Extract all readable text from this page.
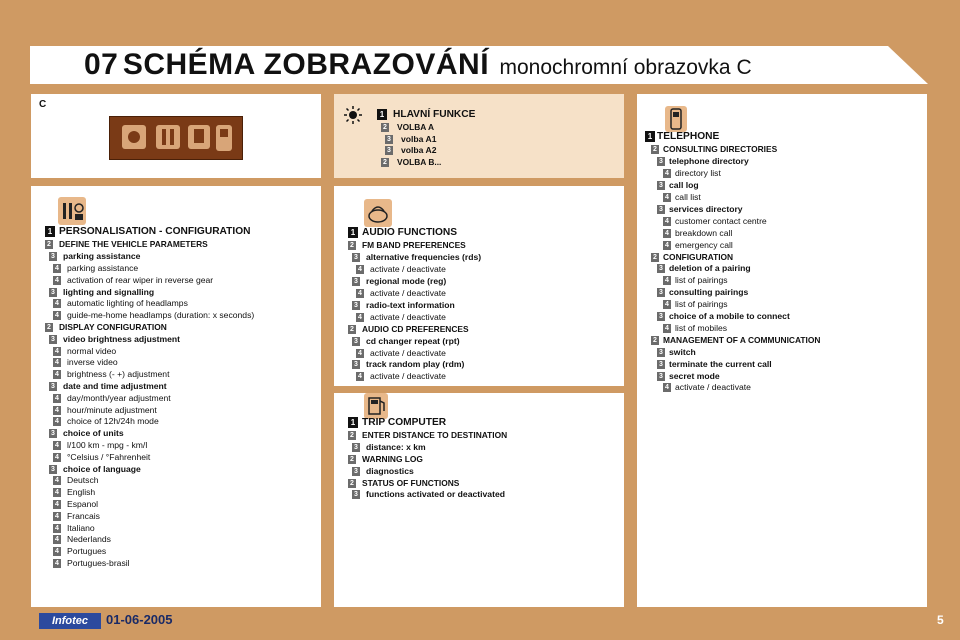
07 SCHÉMA ZOBRAZOVÁNÍ monochromní obrazovka C
C
1 HLAVNÍ FUNKCE
2 VOLBA A
3 volba A1
3 volba A2
2 VOLBA B...
1 PERSONALISATION - CONFIGURATION
2 DEFINE THE VEHICLE PARAMETERS
3 parking assistance
4 parking assistance
4 activation of rear wiper in reverse gear
3 lighting and signalling
4 automatic lighting of headlamps
4 guide-me-home headlamps (duration: x seconds)
2 DISPLAY CONFIGURATION
3 video brightness adjustment
4 normal video
4 inverse video
4 brightness (- +) adjustment
3 date and time adjustment
4 day/month/year adjustment
4 hour/minute adjustment
4 choice of 12h/24h mode
3 choice of units
4 l/100 km - mpg - km/l
4 °Celsius / °Fahrenheit
3 choice of language
4 Deutsch
4 English
4 Espanol
4 Francais
4 Italiano
4 Nederlands
4 Portugues
4 Portugues-brasil
1 AUDIO FUNCTIONS
2 FM BAND PREFERENCES
3 alternative frequencies (rds)
4 activate / deactivate
3 regional mode (reg)
4 activate / deactivate
3 radio-text information
4 activate / deactivate
2 AUDIO CD PREFERENCES
3 cd changer repeat (rpt)
4 activate / deactivate
3 track random play (rdm)
4 activate / deactivate
1 TRIP COMPUTER
2 ENTER DISTANCE TO DESTINATION
3 distance: x km
2 WARNING LOG
3 diagnostics
2 STATUS OF FUNCTIONS
3 functions activated or deactivated
1 TELEPHONE
2 CONSULTING DIRECTORIES
3 telephone directory
4 directory list
3 call log
4 call list
3 services directory
4 customer contact centre
4 breakdown call
4 emergency call
2 CONFIGURATION
3 deletion of a pairing
4 list of pairings
3 consulting pairings
4 list of pairings
3 choice of a mobile to connect
4 list of mobiles
2 MANAGEMENT OF A COMMUNICATION
3 switch
3 terminate the current call
3 secret mode
4 activate / deactivate
Infotec	01-06-2005	5
